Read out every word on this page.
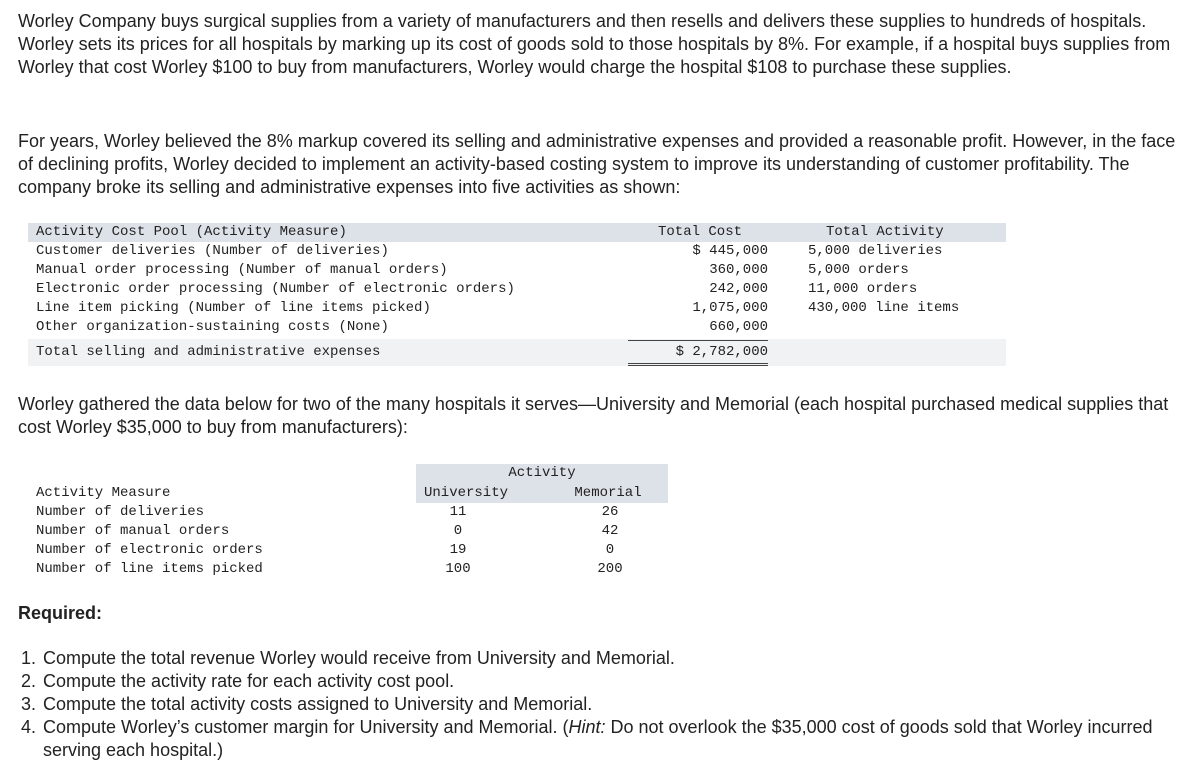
Worley Company buys surgical supplies from a variety of manufacturers and then resells and delivers these supplies to hundreds of hospitals. Worley sets its prices for all hospitals by marking up its cost of goods sold to those hospitals by 8%. For example, if a hospital buys supplies from Worley that cost Worley $100 to buy from manufacturers, Worley would charge the hospital $108 to purchase these supplies.

For years, Worley believed the 8% markup covered its selling and administrative expenses and provided a reasonable profit. However, in the face of declining profits, Worley decided to implement an activity-based costing system to improve its understanding of customer profitability. The company broke its selling and administrative expenses into five activities as shown:

Activity Cost Pool (Activity Measure)	Total Cost	Total Activity
Customer deliveries (Number of deliveries)	$ 445,000	5,000 deliveries
Manual order processing (Number of manual orders)	360,000	5,000 orders
Electronic order processing (Number of electronic orders)	242,000	11,000 orders
Line item picking (Number of line items picked)	1,075,000	430,000 line items
Other organization-sustaining costs (None)	660,000
Total selling and administrative expenses	$ 2,782,000

Worley gathered the data below for two of the many hospitals it serves—University and Memorial (each hospital purchased medical supplies that cost Worley $35,000 to buy from manufacturers):

Activity
Activity Measure	University	Memorial
Number of deliveries	11	26
Number of manual orders	0	42
Number of electronic orders	19	0
Number of line items picked	100	200

Required:

1. Compute the total revenue Worley would receive from University and Memorial.
2. Compute the activity rate for each activity cost pool.
3. Compute the total activity costs assigned to University and Memorial.
4. Compute Worley’s customer margin for University and Memorial. (Hint: Do not overlook the $35,000 cost of goods sold that Worley incurred serving each hospital.)
